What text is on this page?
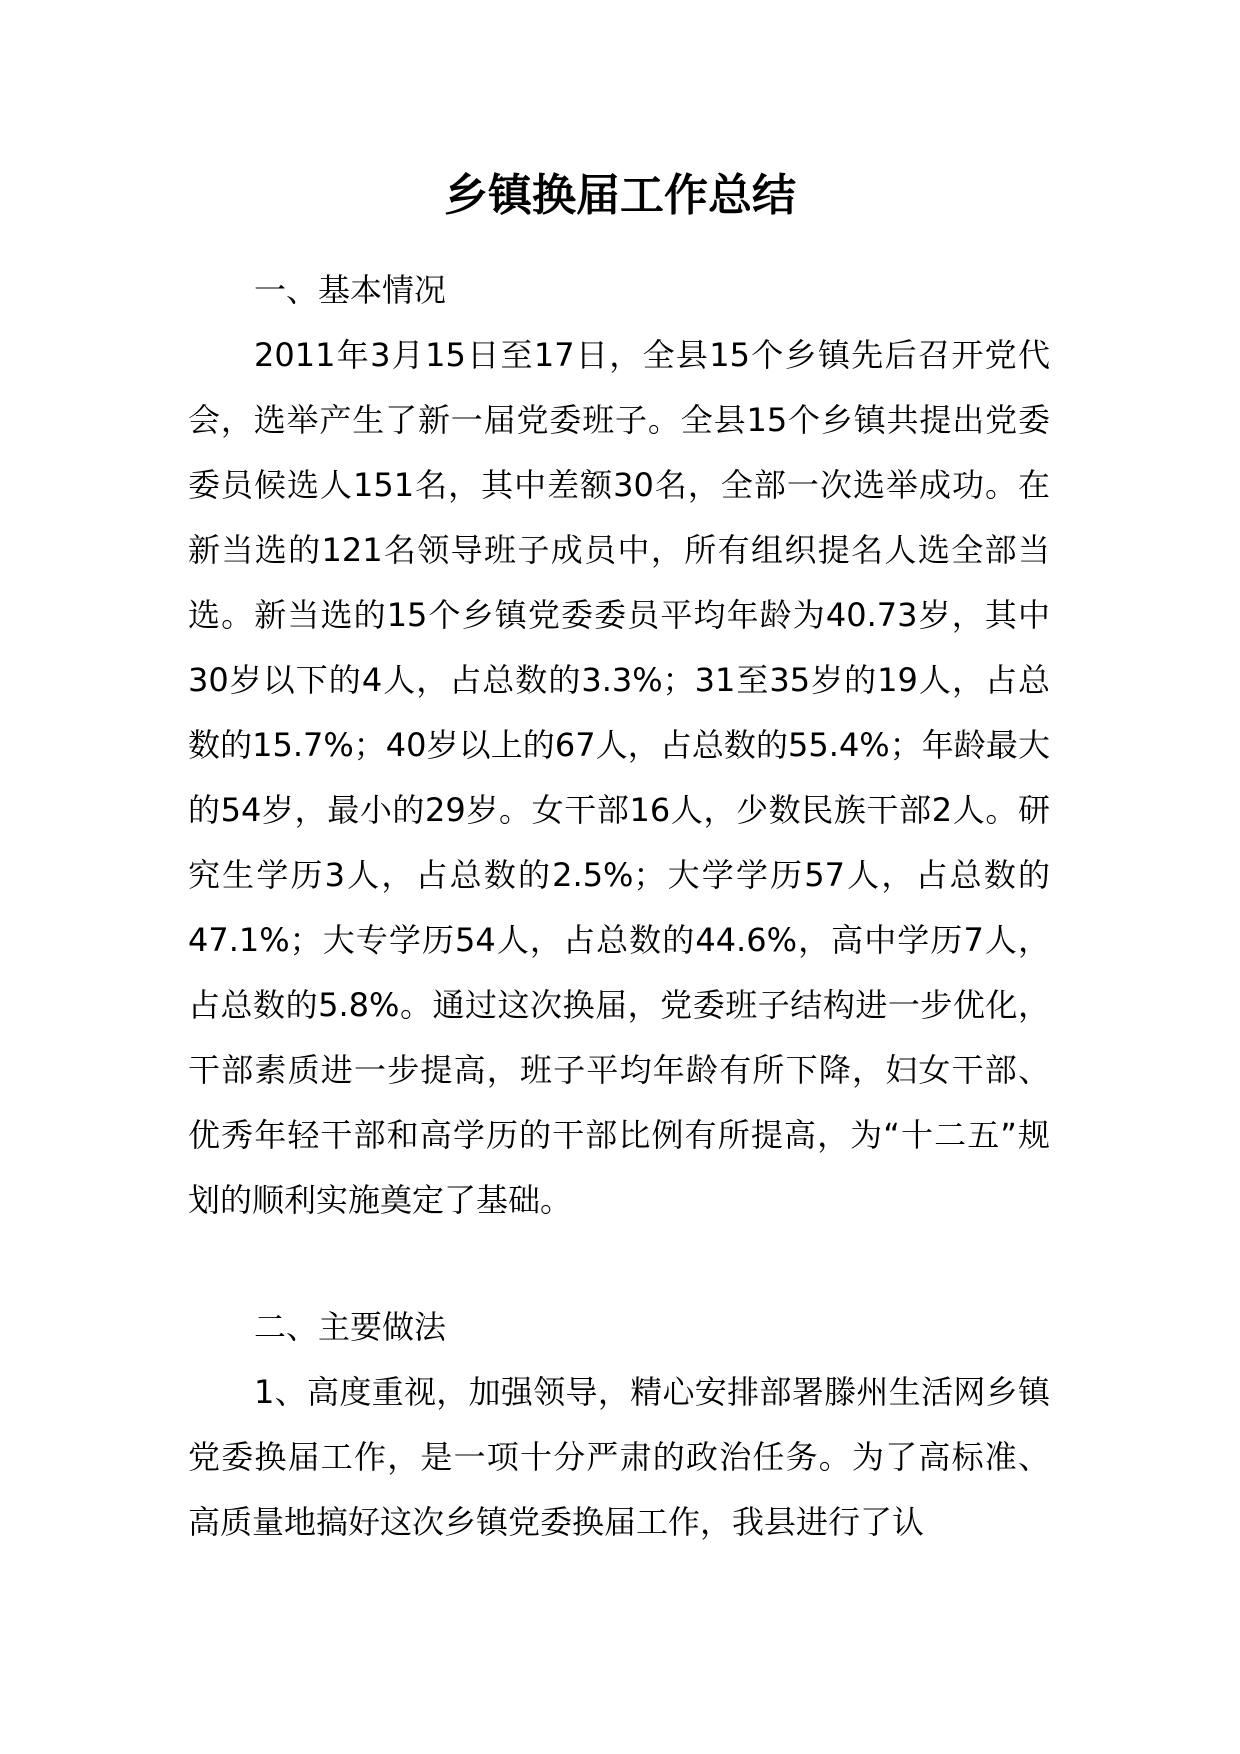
乡镇换届工作总结

一、基本情况

2011年3月15日至17日，全县15个乡镇先后召开党代会，选举产生了新一届党委班子。全县15个乡镇共提出党委委员候选人151名，其中差额30名，全部一次选举成功。在新当选的121名领导班子成员中，所有组织提名人选全部当选。新当选的15个乡镇党委委员平均年龄为40.73岁，其中30岁以下的4人，占总数的3.3%；31至35岁的19人，占总数的15.7%；40岁以上的67人，占总数的55.4%；年龄最大的54岁，最小的29岁。女干部16人，少数民族干部2人。研究生学历3人，占总数的2.5%；大学学历57人，占总数的47.1%；大专学历54人，占总数的44.6%，高中学历7人，占总数的5.8%。通过这次换届，党委班子结构进一步优化，干部素质进一步提高，班子平均年龄有所下降，妇女干部、优秀年轻干部和高学历的干部比例有所提高，为“十二五”规划的顺利实施奠定了基础。

二、主要做法

1、高度重视，加强领导，精心安排部署滕州生活网乡镇党委换届工作，是一项十分严肃的政治任务。为了高标准、高质量地搞好这次乡镇党委换届工作，我县进行了认
